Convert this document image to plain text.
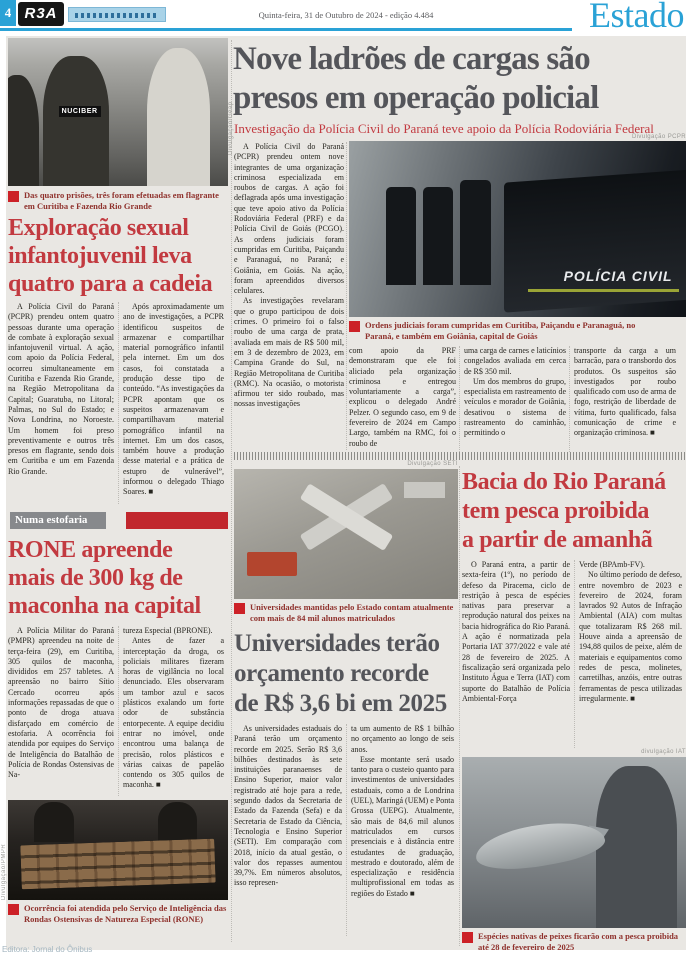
4 R3A	Quinta-feira, 31 de Outubro de 2024 - edição 4.484	Estado
NUCIBER	Divulgação/Geap
Das quatro prisões, três foram efetuadas em flagrante em Curitiba e Fazenda Rio Grande
Exploração sexual
infantojuvenil leva
quatro para a cadeia

A Polícia Civil do Paraná (PCPR) prendeu ontem quatro pessoas durante uma operação de combate à exploração sexual infantojuvenil virtual. A ação, com apoio da Polícia Federal, ocorreu simultaneamente em Curitiba e Fazenda Rio Grande, na Região Metropolitana da Capital; Guaratuba, no Litoral; Palmas, no Sul do Estado; e Nova Londrina, no Noroeste. Um homem foi preso preventivamente e outros três presos em flagrante, sendo dois em Curitiba e um em Fazenda Rio Grande.

Após aproximadamente um ano de investigações, a PCPR identificou suspeitos de armazenar e compartilhar material pornográfico infantil pela internet. Em um dos casos, foi constatada a produção desse tipo de conteúdo. “As investigações da PCPR apontam que os suspeitos armazenavam e compartilhavam material pornográfico infantil na internet. Em um dos casos, também houve a produção desse material e a prática de estupro de vulnerável”, informou o delegado Thiago Soares. ■

Numa estofaria
RONE apreende
mais de 300 kg de
maconha na capital

A Polícia Militar do Paraná (PMPR) apreendeu na noite de terça-feira (29), em Curitiba, 305 quilos de maconha, divididos em 257 tabletes. A apreensão no bairro Sítio Cercado ocorreu após informações repassadas de que o ponto de droga atuava disfarçado em comércio de estofaria. A ocorrência foi atendida por equipes do Serviço de Inteligência do Batalhão de Polícia de Rondas Ostensivas de Na-

tureza Especial (BPRONE).

Antes de fazer a interceptação da droga, os policiais militares fizeram horas de vigilância no local denunciado. Eles observaram um tambor azul e sacos plásticos exalando um forte odor de substância entorpecente. A equipe decidiu entrar no imóvel, onde encontrou uma balança de precisão, rolos plásticos e várias caixas de papelão contendo os 305 quilos de maconha. ■

Divulgação/PMPR
Ocorrência foi atendida pelo Serviço de Inteligência das Rondas Ostensivas de Natureza Especial (RONE)
Editora: Jornal do Ônibus
Nove ladrões de cargas são
presos em operação policial
Investigação da Polícia Civil do Paraná teve apoio da Polícia Rodoviária Federal
Divulgação PCPR

A Polícia Civil do Paraná (PCPR) prendeu ontem nove integrantes de uma organização criminosa especializada em roubos de cargas. A ação foi deflagrada após uma investigação que teve apoio ativo da Polícia Rodoviária Federal (PRF) e da Polícia Civil de Goiás (PCGO). As ordens judiciais foram cumpridas em Curitiba, Paiçandu e Paranaguá, no Paraná; e Goiânia, em Goiás. Na ação, foram apreendidos diversos celulares.

As investigações revelaram que o grupo participou de dois crimes. O primeiro foi o falso roubo de uma carga de prata, avaliada em mais de R$ 500 mil, em 3 de dezembro de 2023, em Campina Grande do Sul, na Região Metropolitana de Curitiba (RMC). Na ocasião, o motorista afirmou ter sido roubado, mas nossas investigações

POLÍCIA CIVIL
Ordens judiciais foram cumpridas em Curitiba, Paiçandu e Paranaguá, no Paraná, e também em Goiânia, capital de Goiás

com apoio da PRF demonstraram que ele foi aliciado pela organização criminosa e entregou voluntariamente a carga”, explicou o delegado André Pelzer. O segundo caso, em 9 de fevereiro de 2024 em Campo Largo, também na RMC, foi o roubo de

uma carga de carnes e laticínios congelados avaliada em cerca de R$ 350 mil.

Um dos membros do grupo, especialista em rastreamento de veículos e morador de Goiânia, desativou o sistema de rastreamento do caminhão, permitindo o

transporte da carga a um barracão, para o transbordo dos produtos. Os suspeitos são investigados por roubo qualificado com uso de arma de fogo, restrição de liberdade de vítima, furto qualificado, falsa comunicação de crime e organização criminosa. ■

Divulgação SETI
Universidades mantidas pelo Estado contam atualmente com mais de 84 mil alunos matriculados
Universidades terão
orçamento recorde
de R$ 3,6 bi em 2025

As universidades estaduais do Paraná terão um orçamento recorde em 2025. Serão R$ 3,6 bilhões destinados às sete instituições paranaenses de Ensino Superior, maior valor registrado até hoje para a rede, segundo dados da Secretaria de Estado da Fazenda (Sefa) e da Secretaria de Estado da Ciência, Tecnologia e Ensino Superior (SETI). Em comparação com 2018, início da atual gestão, o valor dos repasses aumentou 39,7%. Em números absolutos, isso represen-

ta um aumento de R$ 1 bilhão no orçamento ao longo de seis anos.

Esse montante será usado tanto para o custeio quanto para investimentos de universidades estaduais, como a de Londrina (UEL), Maringá (UEM) e Ponta Grossa (UEPG). Atualmente, são mais de 84,6 mil alunos matriculados em cursos presenciais e à distância entre estudantes de graduação, mestrado e doutorado, além de especialização e residência multiprofissional em todas as regiões do Estado ■

Bacia do Rio Paraná
tem pesca proibida
a partir de amanhã

O Paraná entra, a partir de sexta-feira (1º), no período de defeso da Piracema, ciclo de restrição à pesca de espécies nativas para preservar a reprodução natural dos peixes na bacia hidrográfica do Rio Paraná. A ação é normatizada pela Portaria IAT 377/2022 e vale até 28 de fevereiro de 2025. A fiscalização será organizada pelo Instituto Água e Terra (IAT) com suporte do Batalhão de Polícia Ambiental-Força

Verde (BPAmb-FV).

No último período de defeso, entre novembro de 2023 e fevereiro de 2024, foram lavrados 92 Autos de Infração Ambiental (AIA) com multas que totalizaram R$ 268 mil. Houve ainda a apreensão de 194,88 quilos de peixe, além de materiais e equipamentos como redes de pesca, molinetes, carretilhas, anzóis, entre outras ferramentas de pesca utilizadas irregularmente. ■

divulgação IAT
Espécies nativas de peixes ficarão com a pesca proibida até 28 de fevereiro de 2025
